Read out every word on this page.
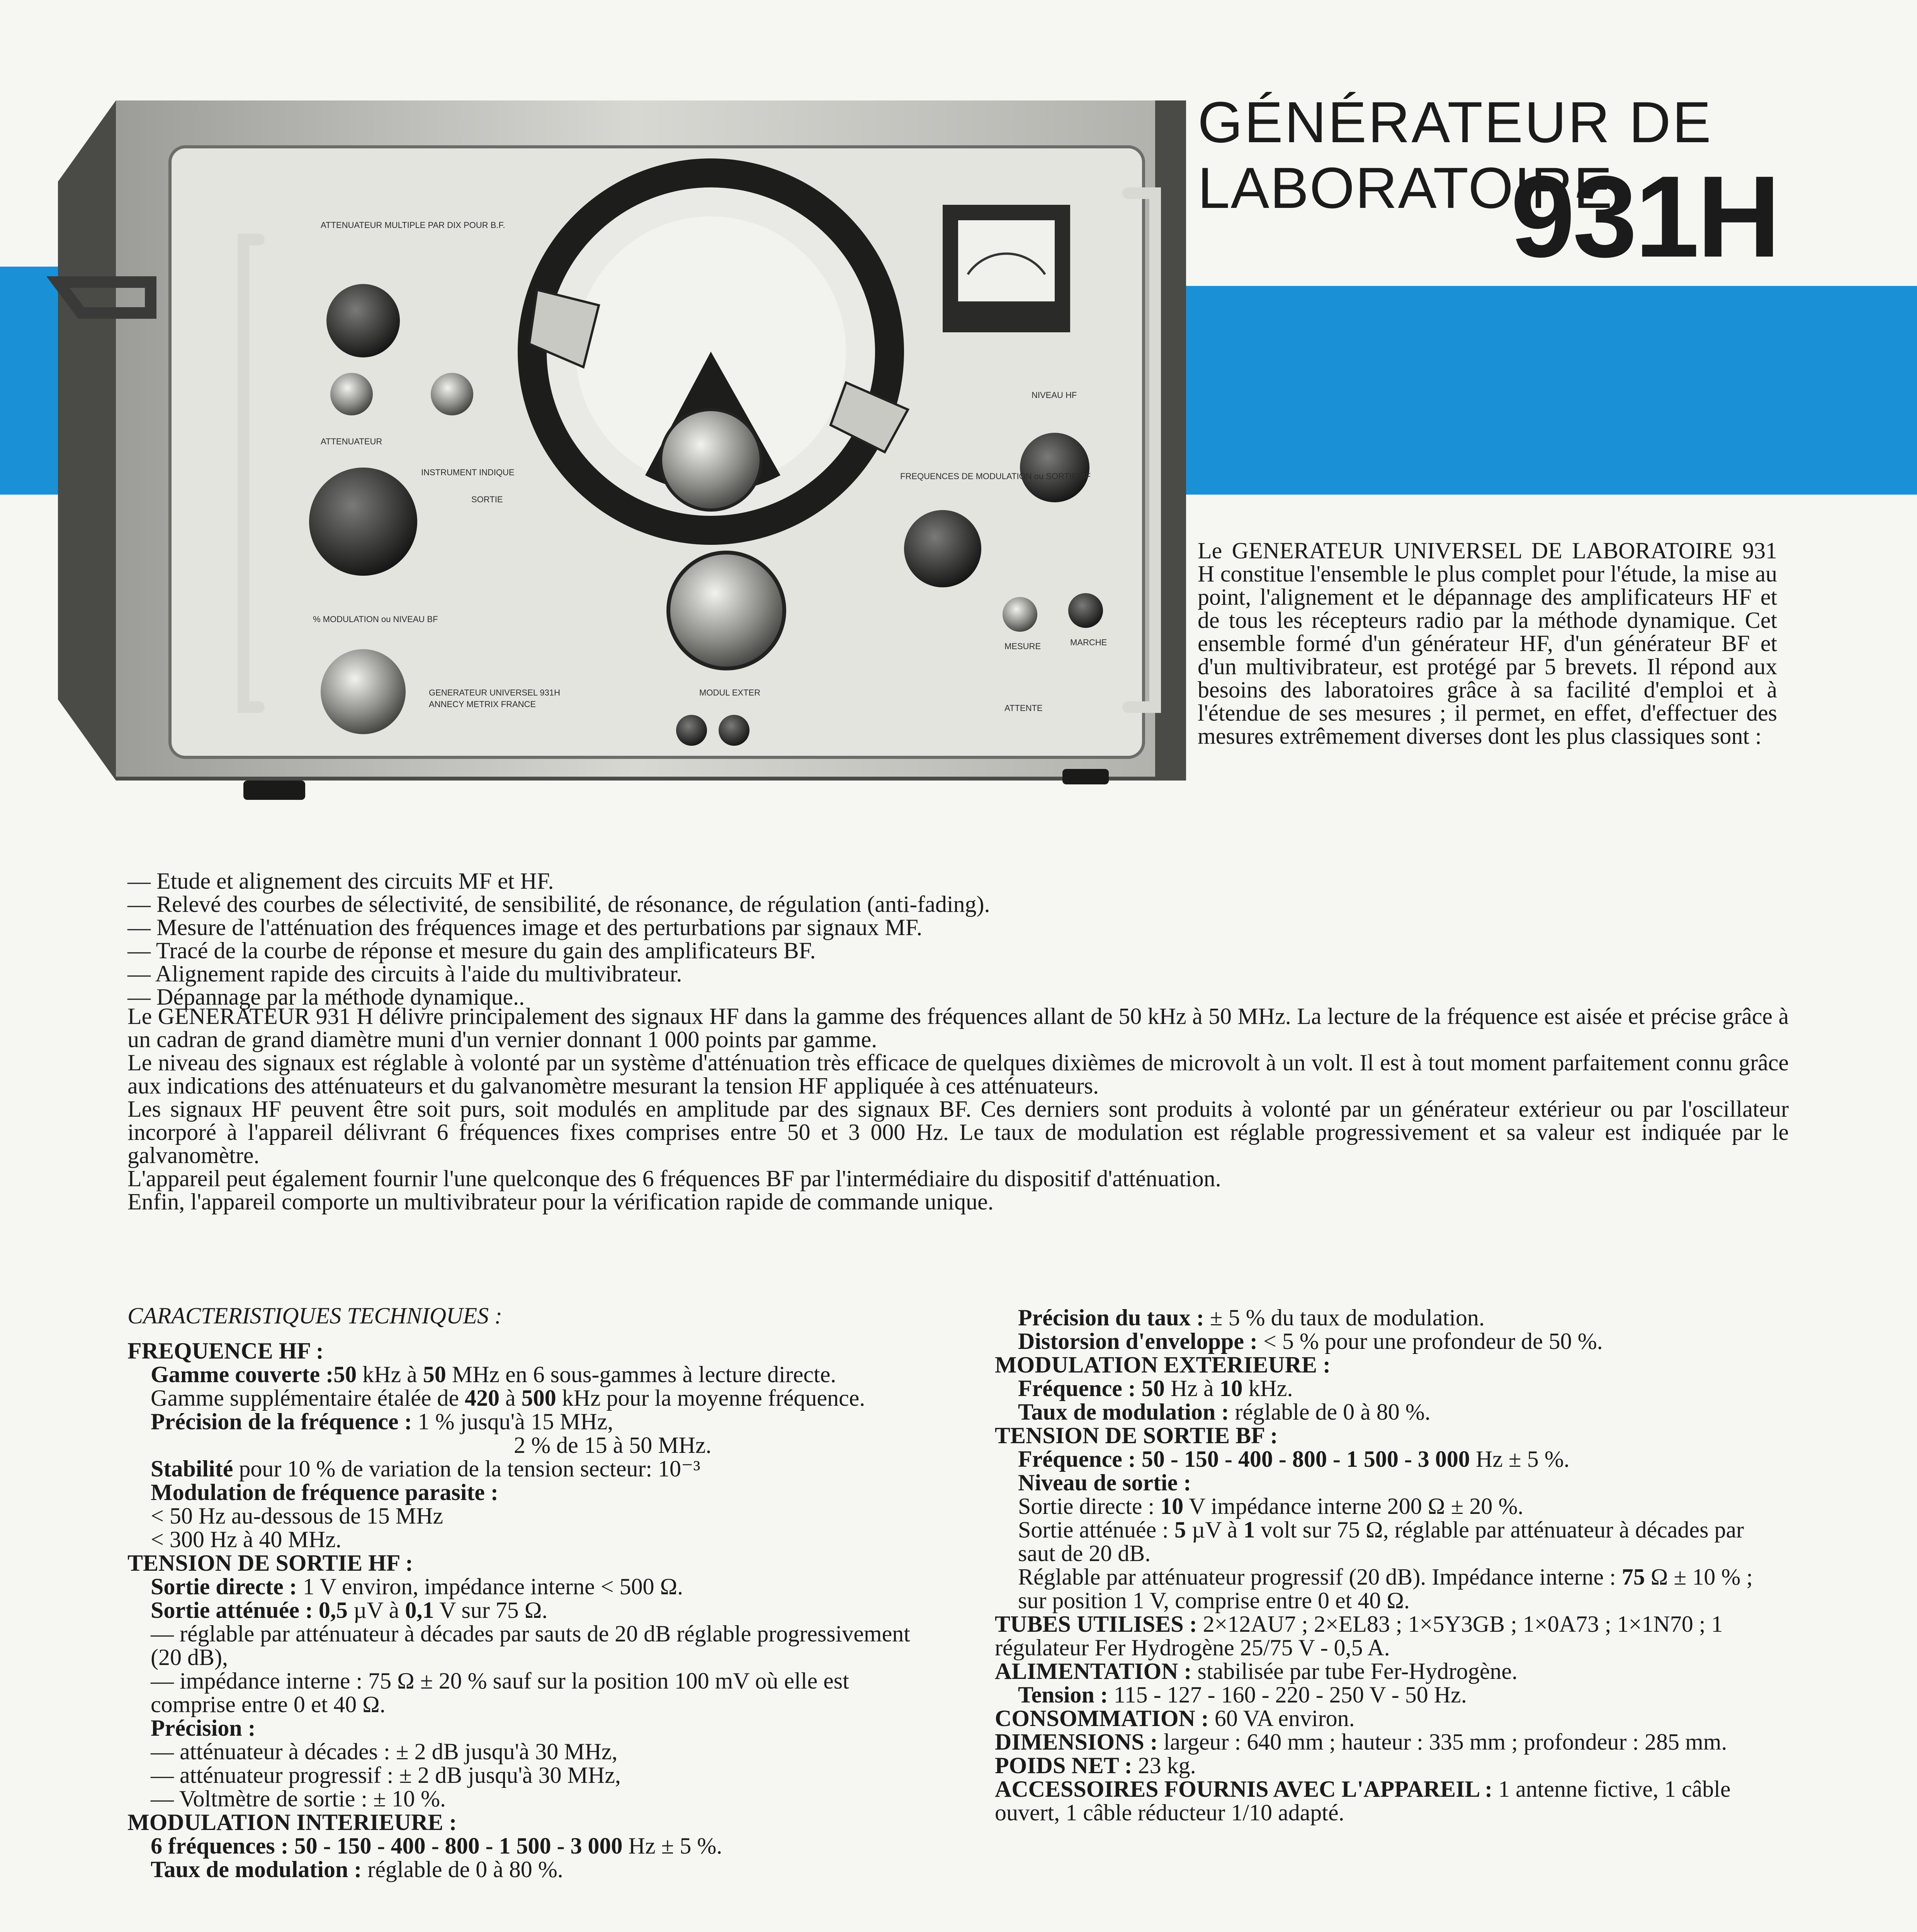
GÉNÉRATEUR DE
LABORATOIRE
931H
ATTENUATEUR MULTIPLE PAR DIX POUR B.F.
ATTENUATEUR
INSTRUMENT INDIQUE
SORTIE
NIVEAU HF
FREQUENCES DE MODULATION ou SORTIE BF
MESURE	MARCHE
ATTENTE
MODUL EXTER
% MODULATION ou NIVEAU BF
GENERATEUR UNIVERSEL 931H
ANNECY METRIX FRANCE

Le GENERATEUR UNIVERSEL DE LABORATOIRE 931 H constitue l'ensemble le plus complet pour l'étude, la mise au point, l'alignement et le dépannage des amplificateurs HF et de tous les récepteurs radio par la méthode dynamique. Cet ensemble formé d'un générateur HF, d'un générateur BF et d'un multivibrateur, est protégé par 5 brevets. Il répond aux besoins des laboratoires grâce à sa facilité d'emploi et à l'étendue de ses mesures ; il permet, en effet, d'effectuer des mesures extrêmement diverses dont les plus classiques sont :

— Etude et alignement des circuits MF et HF.
— Relevé des courbes de sélectivité, de sensibilité, de résonance, de régulation (anti-fading).
— Mesure de l'atténuation des fréquences image et des perturbations par signaux MF.
— Tracé de la courbe de réponse et mesure du gain des amplificateurs BF.
— Alignement rapide des circuits à l'aide du multivibrateur.
— Dépannage par la méthode dynamique..
Le GENERATEUR 931 H délivre principalement des signaux HF dans la gamme des fréquences allant de 50 kHz à 50 MHz. La lecture de la fréquence est aisée et précise grâce à un cadran de grand diamètre muni d'un vernier donnant 1 000 points par gamme.
Le niveau des signaux est réglable à volonté par un système d'atténuation très efficace de quelques dixièmes de microvolt à un volt. Il est à tout moment parfaitement connu grâce aux indications des atténuateurs et du galvanomètre mesurant la tension HF appliquée à ces atténuateurs.
Les signaux HF peuvent être soit purs, soit modulés en amplitude par des signaux BF. Ces derniers sont produits à volonté par un générateur extérieur ou par l'oscillateur incorporé à l'appareil délivrant 6 fréquences fixes comprises entre 50 et 3 000 Hz. Le taux de modulation est réglable progressivement et sa valeur est indiquée par le galvanomètre.
L'appareil peut également fournir l'une quelconque des 6 fréquences BF par l'intermédiaire du dispositif d'atténuation.
Enfin, l'appareil comporte un multivibrateur pour la vérification rapide de commande unique.
CARACTERISTIQUES TECHNIQUES :
FREQUENCE HF :
Gamme couverte :50 kHz à 50 MHz en 6 sous-gammes à lecture directe. Gamme supplémentaire étalée de 420 à 500 kHz pour la moyenne fréquence.
Précision de la fréquence : 1 % jusqu'à 15 MHz,
2 % de 15 à 50 MHz.
Stabilité pour 10 % de variation de la tension secteur: 10⁻³
Modulation de fréquence parasite :
< 50 Hz au-dessous de 15 MHz
< 300 Hz à 40 MHz.
TENSION DE SORTIE HF :
Sortie directe : 1 V environ, impédance interne < 500 Ω.
Sortie atténuée : 0,5 µV à 0,1 V sur 75 Ω.
— réglable par atténuateur à décades par sauts de 20 dB réglable progressivement (20 dB),
— impédance interne : 75 Ω ± 20 % sauf sur la position 100 mV où elle est comprise entre 0 et 40 Ω.
Précision :
— atténuateur à décades : ± 2 dB jusqu'à 30 MHz,
— atténuateur progressif : ± 2 dB jusqu'à 30 MHz,
— Voltmètre de sortie : ± 10 %.
MODULATION INTERIEURE :
6 fréquences : 50 - 150 - 400 - 800 - 1 500 - 3 000 Hz ± 5 %.
Taux de modulation : réglable de 0 à 80 %.
Précision du taux : ± 5 % du taux de modulation.
Distorsion d'enveloppe : < 5 % pour une profondeur de 50 %.
MODULATION EXTERIEURE :
Fréquence : 50 Hz à 10 kHz.
Taux de modulation : réglable de 0 à 80 %.
TENSION DE SORTIE BF :
Fréquence : 50 - 150 - 400 - 800 - 1 500 - 3 000 Hz ± 5 %.
Niveau de sortie :
Sortie directe : 10 V impédance interne 200 Ω ± 20 %.
Sortie atténuée : 5 µV à 1 volt sur 75 Ω, réglable par atténuateur à décades par saut de 20 dB.
Réglable par atténuateur progressif (20 dB). Impédance interne : 75 Ω ± 10 % ; sur position 1 V, comprise entre 0 et 40 Ω.
TUBES UTILISES : 2×12AU7 ; 2×EL83 ; 1×5Y3GB ; 1×0A73 ; 1×1N70 ; 1 régulateur Fer Hydrogène 25/75 V - 0,5 A.
ALIMENTATION : stabilisée par tube Fer-Hydrogène.
Tension : 115 - 127 - 160 - 220 - 250 V - 50 Hz.
CONSOMMATION : 60 VA environ.
DIMENSIONS : largeur : 640 mm ; hauteur : 335 mm ; profondeur : 285 mm.
POIDS NET : 23 kg.
ACCESSOIRES FOURNIS AVEC L'APPAREIL : 1 antenne fictive, 1 câble ouvert, 1 câble réducteur 1/10 adapté.
